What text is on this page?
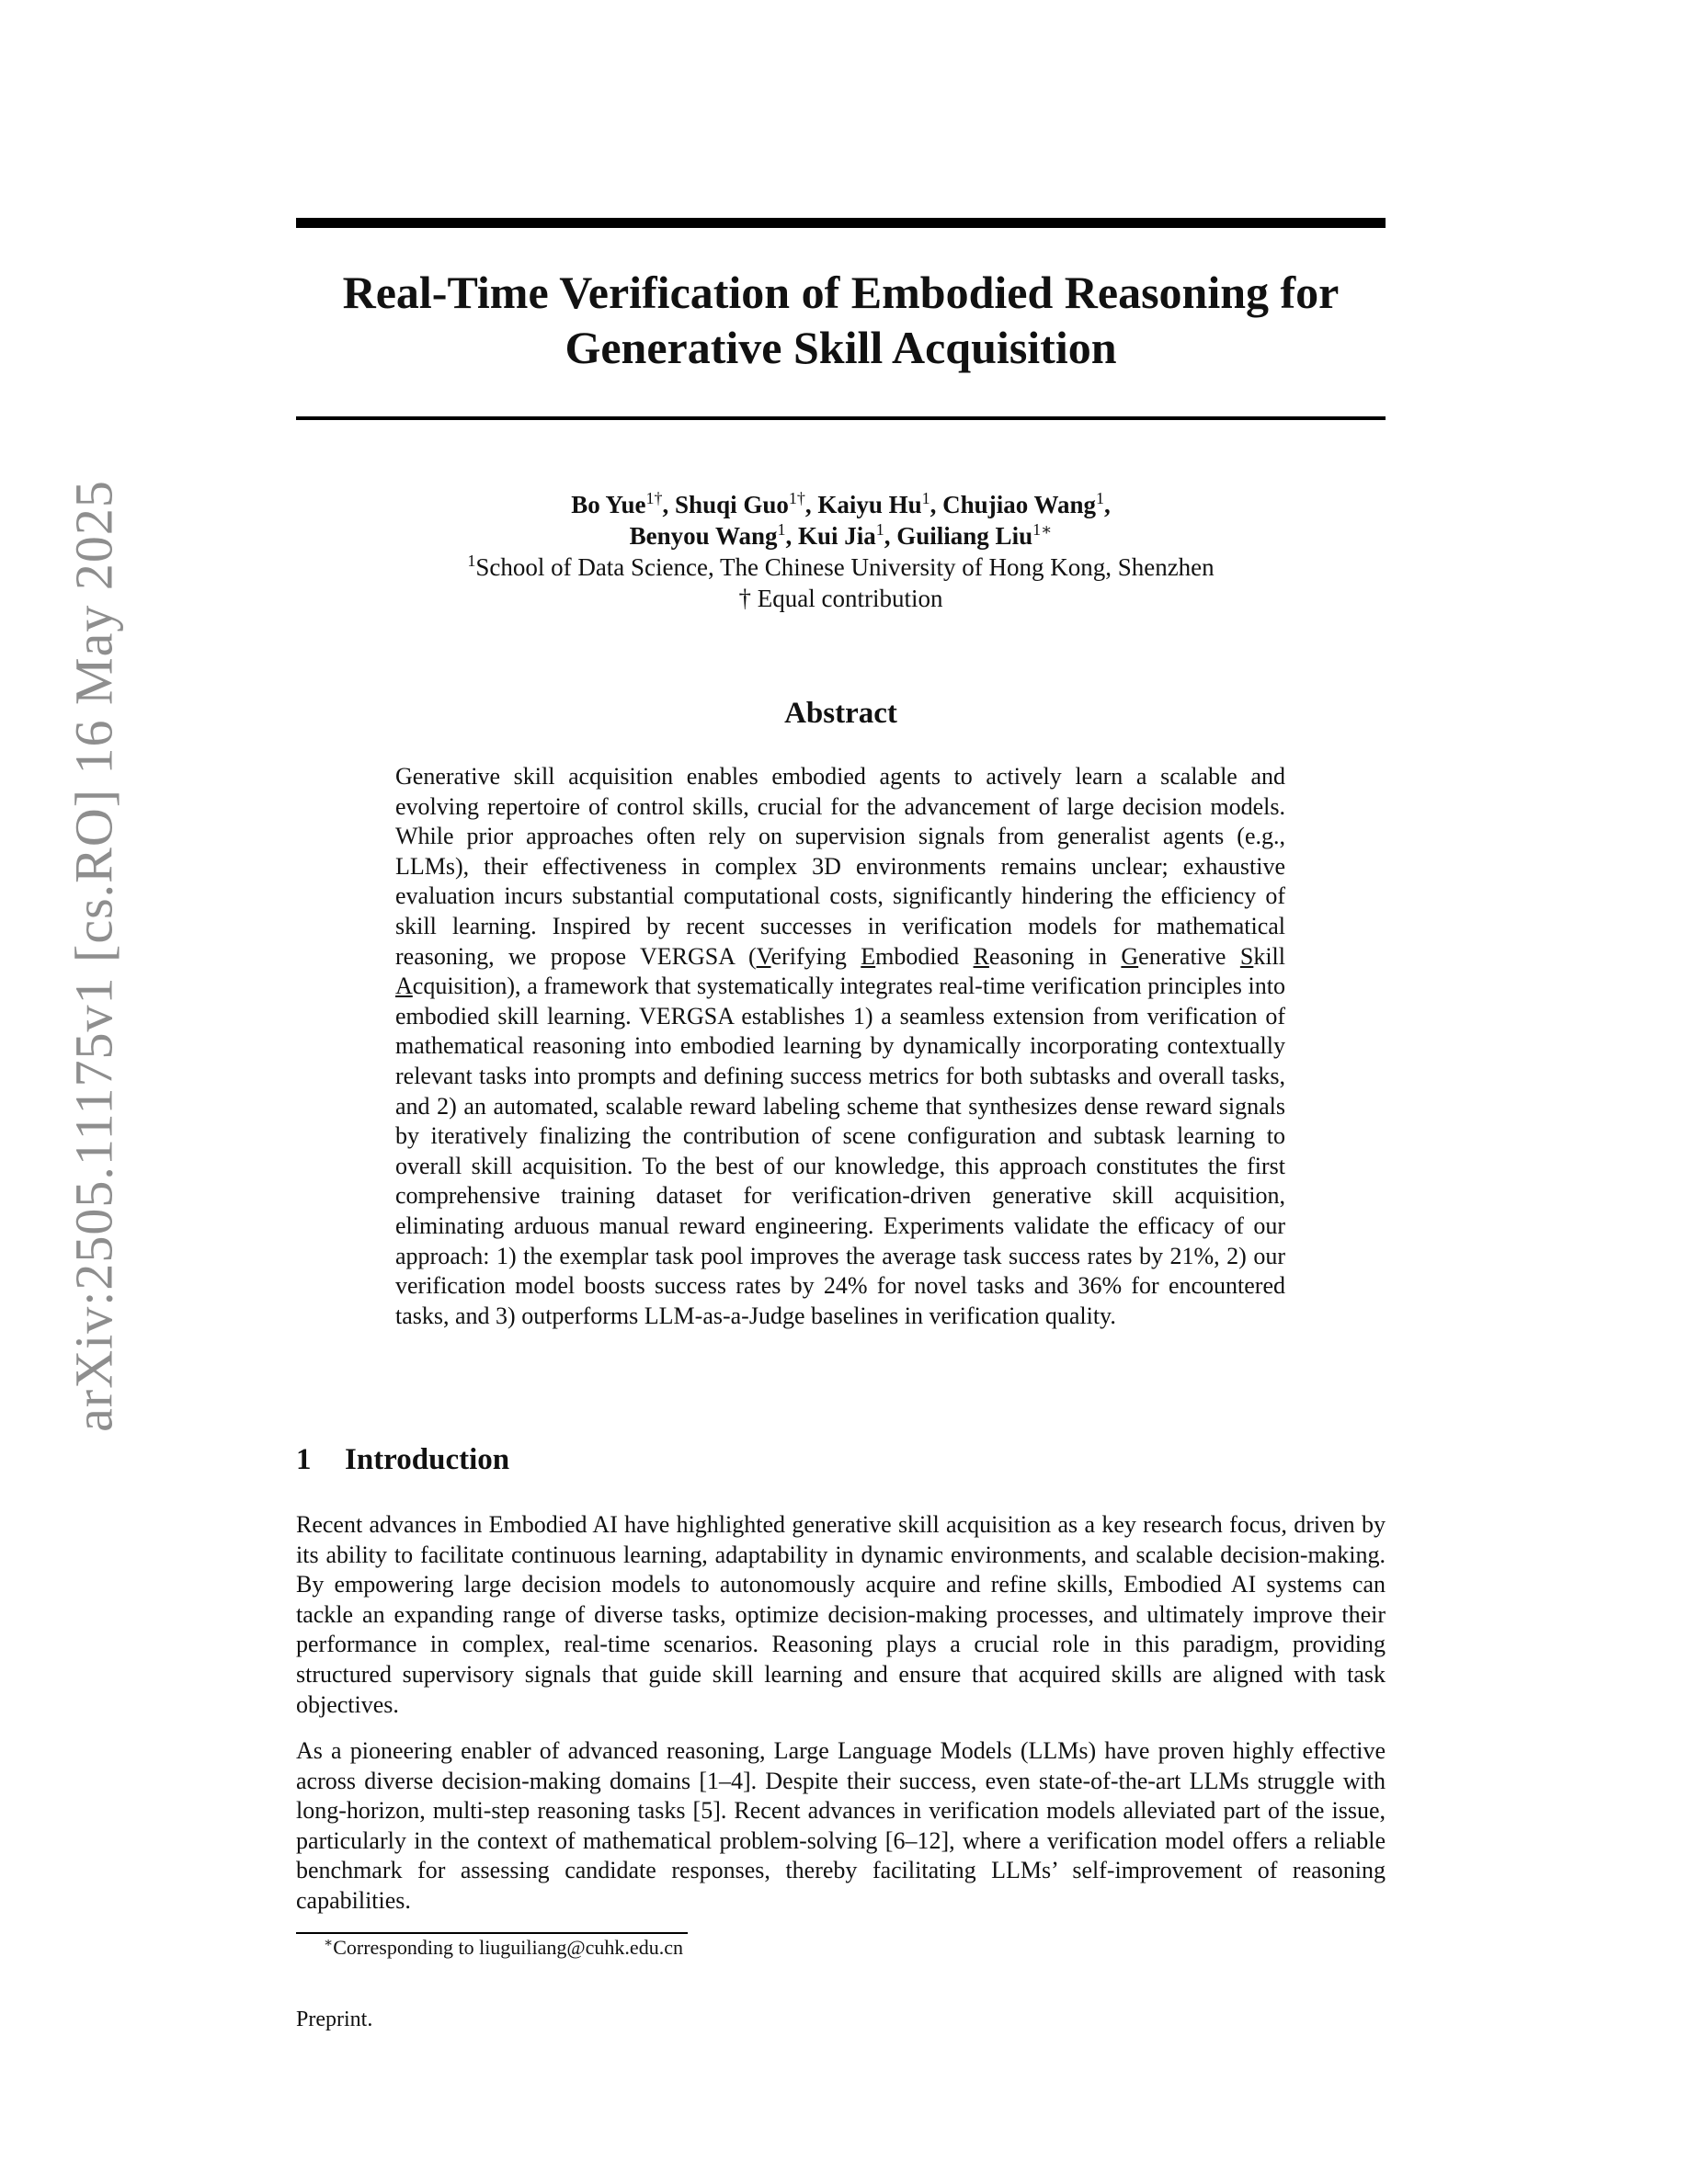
arXiv:2505.11175v1 [cs.RO] 16 May 2025
Real-Time Verification of Embodied Reasoning for
Generative Skill Acquisition
Bo Yue$^{1\dagger}$, Shuqi Guo$^{1\dagger}$, Kaiyu Hu$^1$, Chujiao Wang$^1$,
Benyou Wang$^1$, Kui Jia$^1$, Guiliang Liu$^{1∗}$
$^1$School of Data Science, The Chinese University of Hong Kong, Shenzhen
† Equal contribution
Abstract

Generative skill acquisition enables embodied agents to actively learn a scalable and evolving repertoire of control skills, crucial for the advancement of large decision models. While prior approaches often rely on supervision signals from generalist agents (e.g., LLMs), their effectiveness in complex 3D environments remains unclear; exhaustive evaluation incurs substantial computational costs, significantly hindering the efficiency of skill learning. Inspired by recent successes in verification models for mathematical reasoning, we propose VERGSA (Verifying Embodied Reasoning in Generative Skill Acquisition), a framework that systematically integrates real-time verification principles into embodied skill learning. VERGSA establishes 1) a seamless extension from verification of mathematical reasoning into embodied learning by dynamically incorporating contextually relevant tasks into prompts and defining success metrics for both subtasks and overall tasks, and 2) an automated, scalable reward labeling scheme that synthesizes dense reward signals by iteratively finalizing the contribution of scene configuration and subtask learning to overall skill acquisition. To the best of our knowledge, this approach constitutes the first comprehensive training dataset for verification-driven generative skill acquisition, eliminating arduous manual reward engineering. Experiments validate the efficacy of our approach: 1) the exemplar task pool improves the average task success rates by 21%, 2) our verification model boosts success rates by 24% for novel tasks and 36% for encountered tasks, and 3) outperforms LLM-as-a-Judge baselines in verification quality.

1 Introduction

Recent advances in Embodied AI have highlighted generative skill acquisition as a key research focus, driven by its ability to facilitate continuous learning, adaptability in dynamic environments, and scalable decision-making. By empowering large decision models to autonomously acquire and refine skills, Embodied AI systems can tackle an expanding range of diverse tasks, optimize decision-making processes, and ultimately improve their performance in complex, real-time scenarios. Reasoning plays a crucial role in this paradigm, providing structured supervisory signals that guide skill learning and ensure that acquired skills are aligned with task objectives.

As a pioneering enabler of advanced reasoning, Large Language Models (LLMs) have proven highly effective across diverse decision-making domains [1–4]. Despite their success, even state-of-the-art LLMs struggle with long-horizon, multi-step reasoning tasks [5]. Recent advances in verification models alleviated part of the issue, particularly in the context of mathematical problem-solving [6–12], where a verification model offers a reliable benchmark for assessing candidate responses, thereby facilitating LLMs’ self-improvement of reasoning capabilities.

∗Corresponding to liuguiliang@cuhk.edu.cn
Preprint.
